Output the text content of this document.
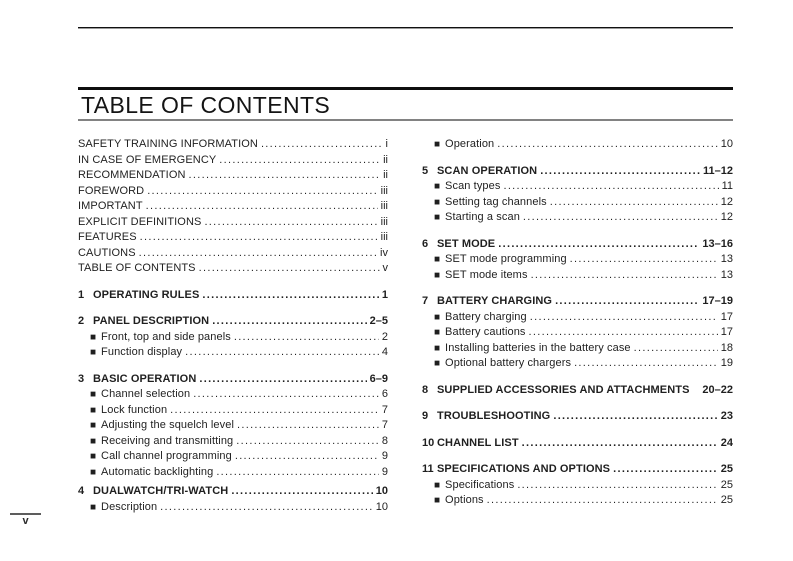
TABLE OF CONTENTS
SAFETY TRAINING INFORMATION .....	i
IN CASE OF EMERGENCY .....	ii
RECOMMENDATION .....	ii
FOREWORD .....	iii
IMPORTANT .....	iii
EXPLICIT DEFINITIONS .....	iii
FEATURES .....	iii
CAUTIONS .....	iv
TABLE OF CONTENTS .....	v
1 OPERATING RULES .....	1
2 PANEL DESCRIPTION .....	2–5
■ Front, top and side panels .....	2
■ Function display .....	4
3 BASIC OPERATION .....	6–9
■ Channel selection .....	6
■ Lock function .....	7
■ Adjusting the squelch level .....	7
■ Receiving and transmitting .....	8
■ Call channel programming .....	9
■ Automatic backlighting .....	9
4 DUALWATCH/TRI-WATCH .....	10
■ Description .....	10
■ Operation .....	10
5 SCAN OPERATION .....	11–12
■ Scan types .....	11
■ Setting tag channels .....	12
■ Starting a scan .....	12
6 SET MODE .....	13–16
■ SET mode programming .....	13
■ SET mode items .....	13
7 BATTERY CHARGING .....	17–19
■ Battery charging .....	17
■ Battery cautions .....	17
■ Installing batteries in the battery case .....	18
■ Optional battery chargers .....	19
8 SUPPLIED ACCESSORIES AND ATTACHMENTS 20–22
9 TROUBLESHOOTING .....	23
10 CHANNEL LIST .....	24
11 SPECIFICATIONS AND OPTIONS .....	25
■ Specifications .....	25
■ Options .....	25
v
